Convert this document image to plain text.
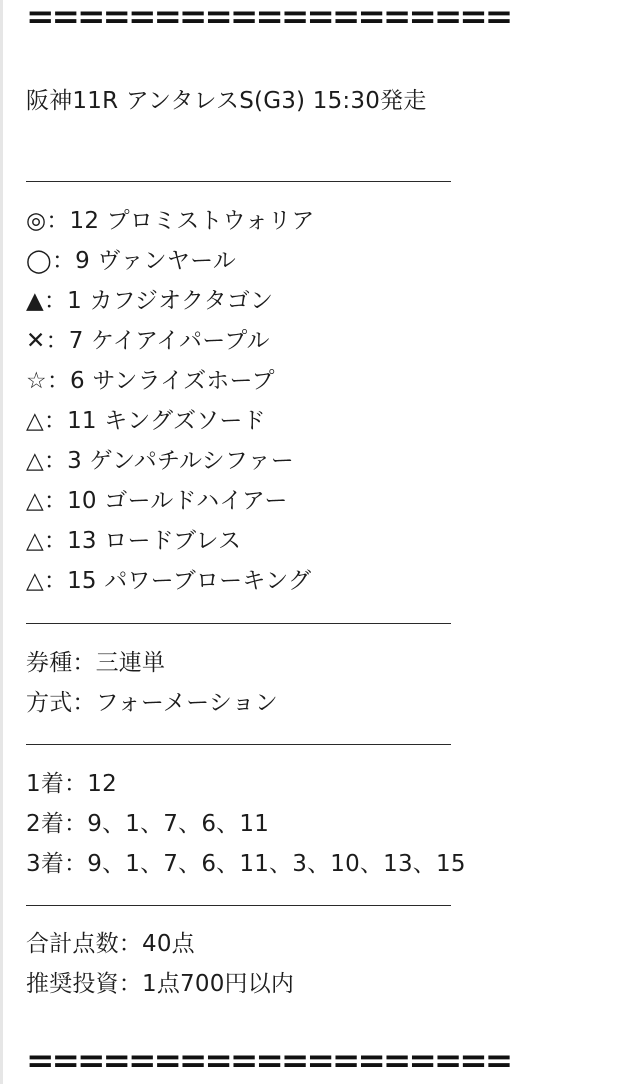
===================
阪神11R アンタレスS(G3) 15:30発走
◎：12 プロミストウォリア
◯：9 ヴァンヤール
▲：1 カフジオクタゴン
✕：7 ケイアイパープル
☆：6 サンライズホープ
△：11 キングズソード
△：3 ゲンパチルシファー
△：10 ゴールドハイアー
△：13 ロードブレス
△：15 パワーブローキング
券種：三連単
方式：フォーメーション
1着：12
2着：9、1、7、6、11
3着：9、1、7、6、11、3、10、13、15
合計点数：40点
推奨投資：1点700円以内
===================
